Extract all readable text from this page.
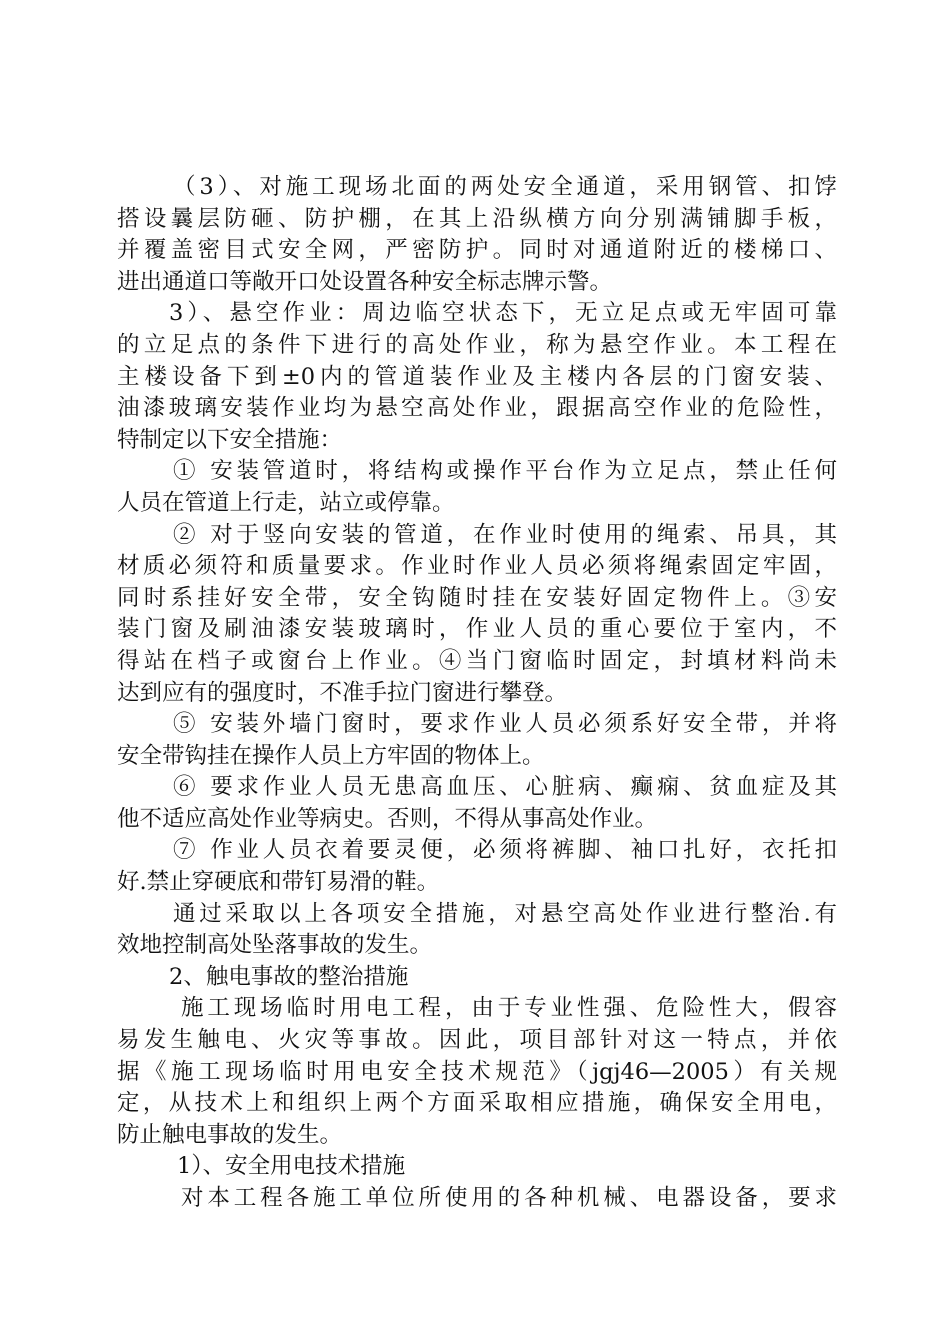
（3）、对施工现场北面的两处安全通道，采用钢管、扣饽
搭设曩层防砸、防护棚，在其上沿纵横方向分别满铺脚手板，
并覆盖密目式安全网，严密防护。同时对通道附近的楼梯口、
进出通道口等敞开口处设置各种安全标志牌示警。
3）、悬空作业：周边临空状态下，无立足点或无牢固可靠
的立足点的条件下进行的高处作业，称为悬空作业。本工程在
主楼设备下到±0内的管道装作业及主楼内各层的门窗安装、
油漆玻璃安装作业均为悬空高处作业，跟据高空作业的危险性，
特制定以下安全措施：
① 安装管道时，将结构或操作平台作为立足点，禁止任何
人员在管道上行走，站立或停靠。
② 对于竖向安装的管道，在作业时使用的绳索、吊具，其
材质必须符和质量要求。作业时作业人员必须将绳索固定牢固，
同时系挂好安全带，安全钩随时挂在安装好固定物件上。③安
装门窗及刷油漆安装玻璃时，作业人员的重心要位于室内，不
得站在档子或窗台上作业。④当门窗临时固定，封填材料尚未
达到应有的强度时，不准手拉门窗进行攀登。
⑤ 安装外墙门窗时，要求作业人员必须系好安全带，并将
安全带钩挂在操作人员上方牢固的物体上。
⑥ 要求作业人员无患高血压、心脏病、癫痫、贫血症及其
他不适应高处作业等病史。否则，不得从事高处作业。
⑦ 作业人员衣着要灵便，必须将裤脚、袖口扎好，衣托扣
好.禁止穿硬底和带钉易滑的鞋。
通过采取以上各项安全措施，对悬空高处作业进行整治.有
效地控制高处坠落事故的发生。
2、触电事故的整治措施
施工现场临时用电工程，由于专业性强、危险性大，假容
易发生触电、火灾等事故。因此，项目部针对这一特点，并依
据《施工现场临时用电安全技术规范》（jgj46—2005）有关规
定，从技术上和组织上两个方面采取相应措施，确保安全用电，
防止触电事故的发生。
1）、安全用电技术措施
对本工程各施工单位所使用的各种机械、电器设备，要求
